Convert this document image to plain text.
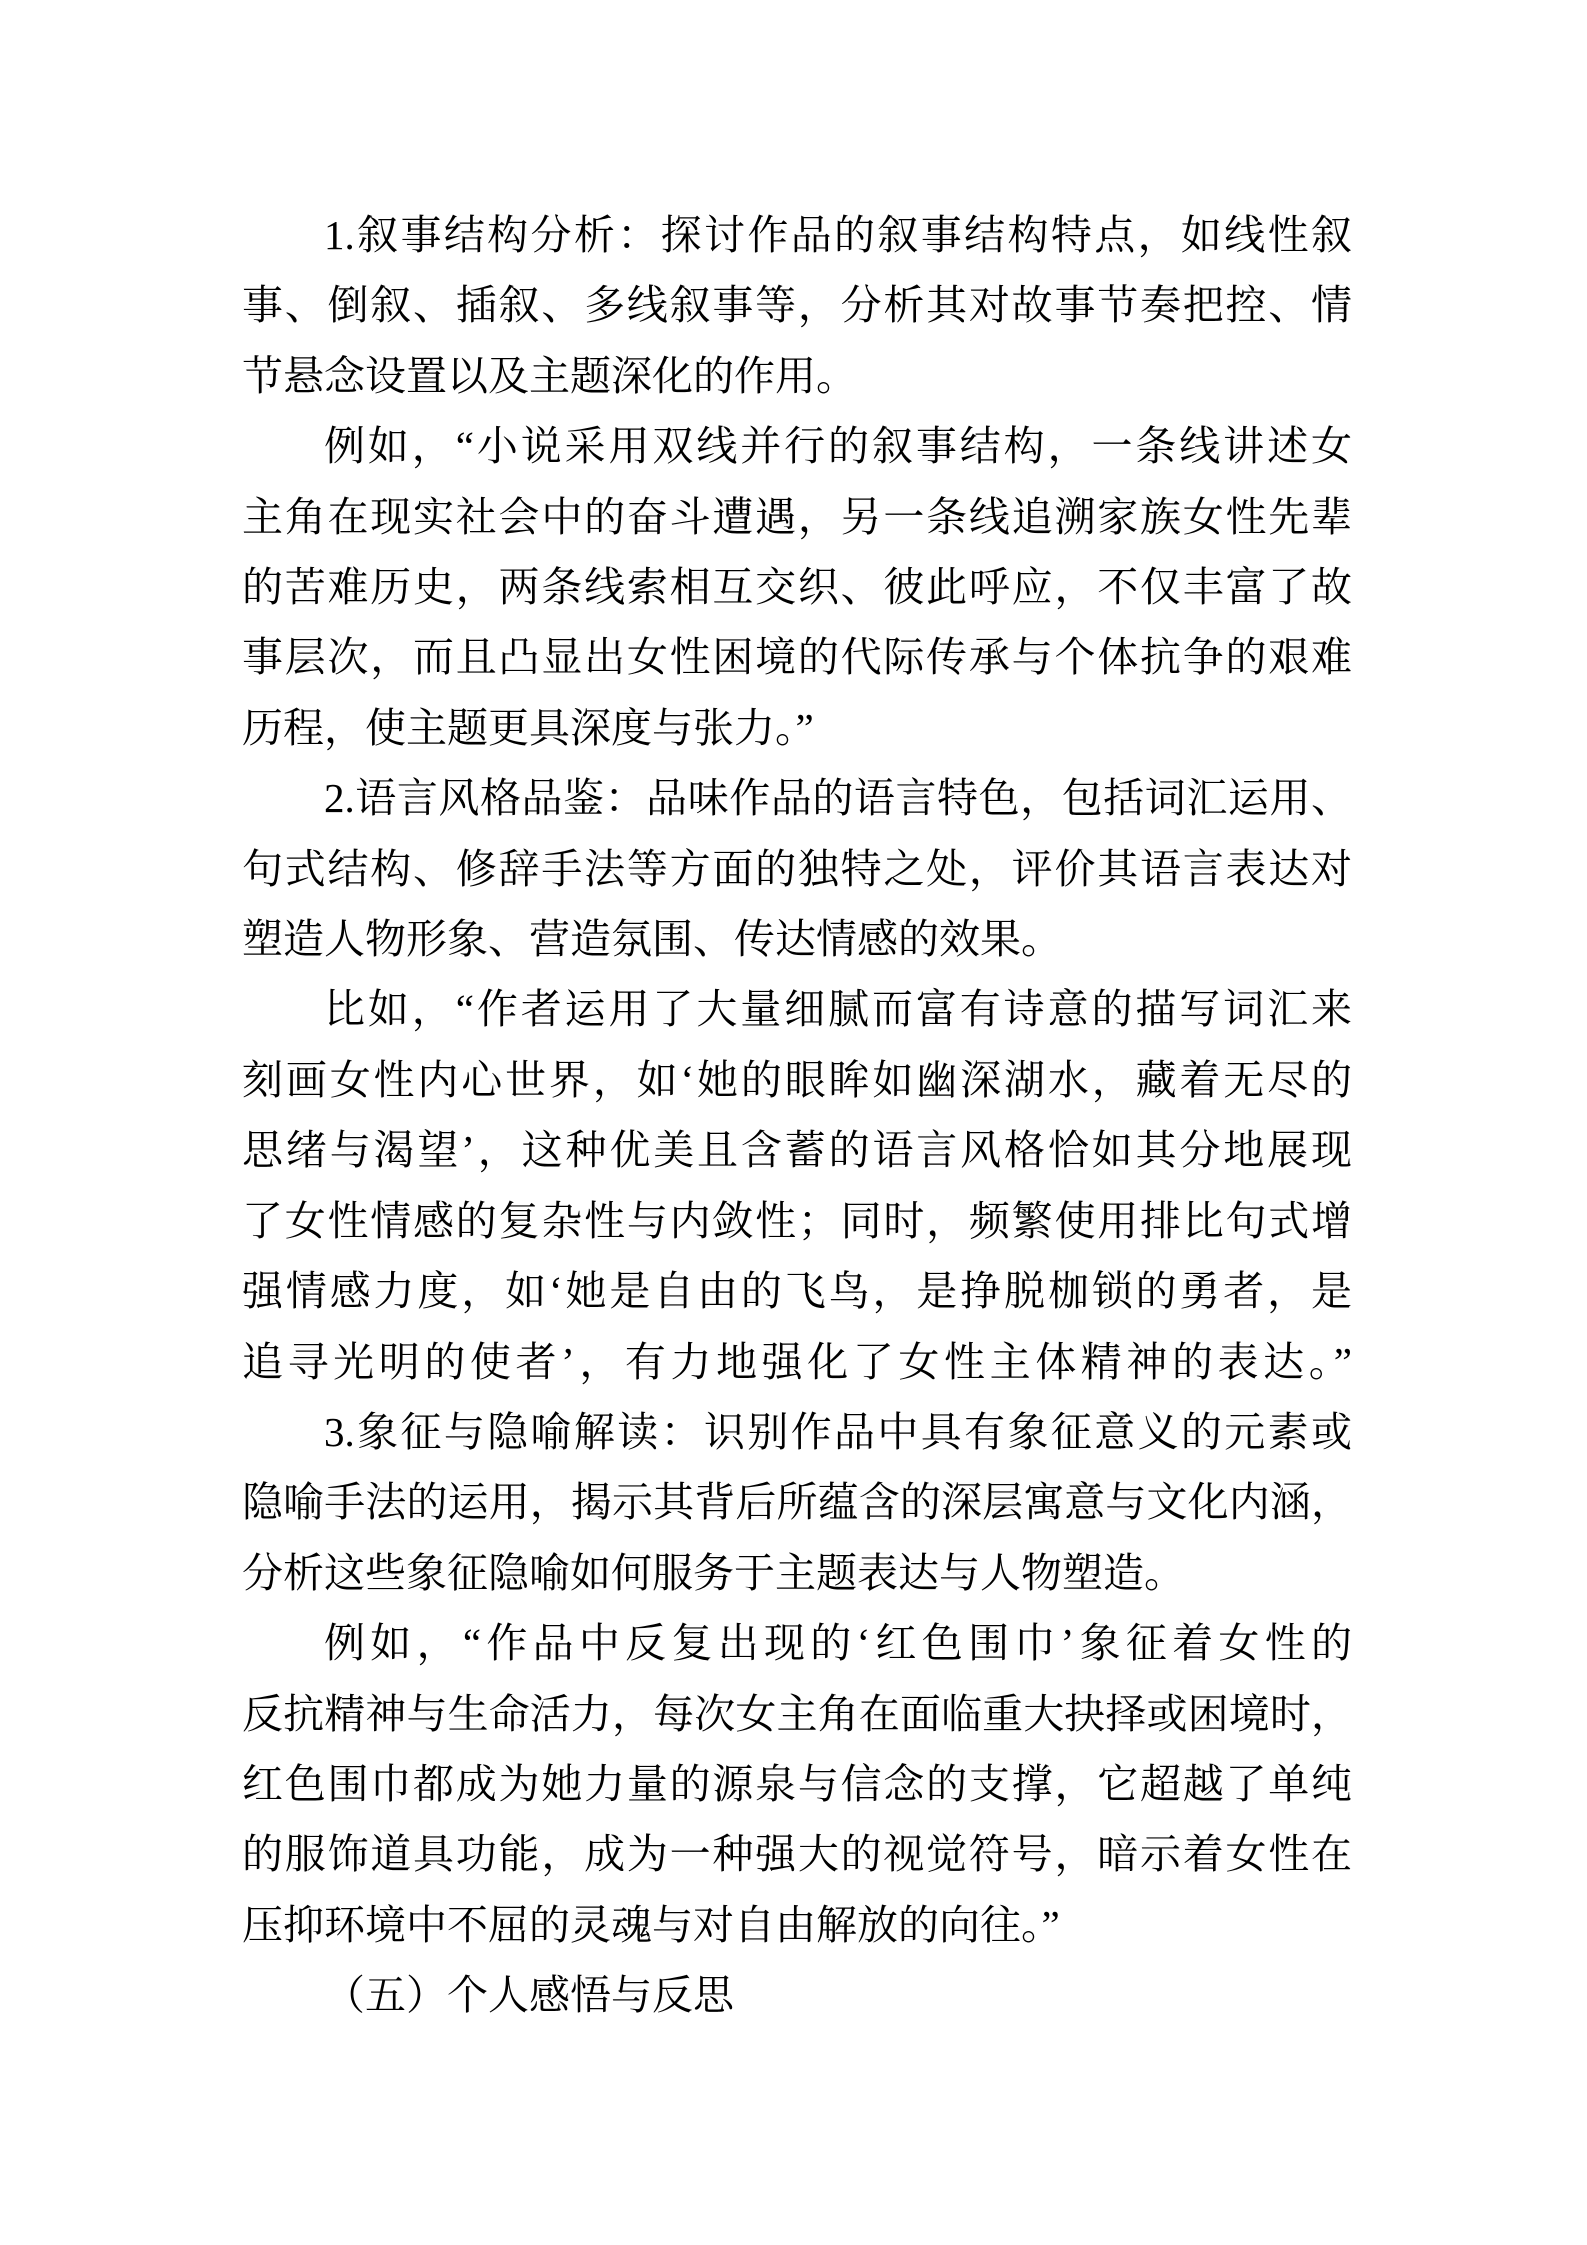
1.叙事结构分析：探讨作品的叙事结构特点，如线性叙
事、倒叙、插叙、多线叙事等，分析其对故事节奏把控、情
节悬念设置以及主题深化的作用。
例如，“小说采用双线并行的叙事结构，一条线讲述女
主角在现实社会中的奋斗遭遇，另一条线追溯家族女性先辈
的苦难历史，两条线索相互交织、彼此呼应，不仅丰富了故
事层次，而且凸显出女性困境的代际传承与个体抗争的艰难
历程，使主题更具深度与张力。”
2.语言风格品鉴：品味作品的语言特色，包括词汇运用、
句式结构、修辞手法等方面的独特之处，评价其语言表达对
塑造人物形象、营造氛围、传达情感的效果。
比如，“作者运用了大量细腻而富有诗意的描写词汇来
刻画女性内心世界，如‘她的眼眸如幽深湖水，藏着无尽的
思绪与渴望’，这种优美且含蓄的语言风格恰如其分地展现
了女性情感的复杂性与内敛性；同时，频繁使用排比句式增
强情感力度，如‘她是自由的飞鸟，是挣脱枷锁的勇者，是
追寻光明的使者’，有力地强化了女性主体精神的表达。”
3.象征与隐喻解读：识别作品中具有象征意义的元素或
隐喻手法的运用，揭示其背后所蕴含的深层寓意与文化内涵，
分析这些象征隐喻如何服务于主题表达与人物塑造。
例如，“作品中反复出现的‘红色围巾’象征着女性的
反抗精神与生命活力，每次女主角在面临重大抉择或困境时，
红色围巾都成为她力量的源泉与信念的支撑，它超越了单纯
的服饰道具功能，成为一种强大的视觉符号，暗示着女性在
压抑环境中不屈的灵魂与对自由解放的向往。”
（五）个人感悟与反思
